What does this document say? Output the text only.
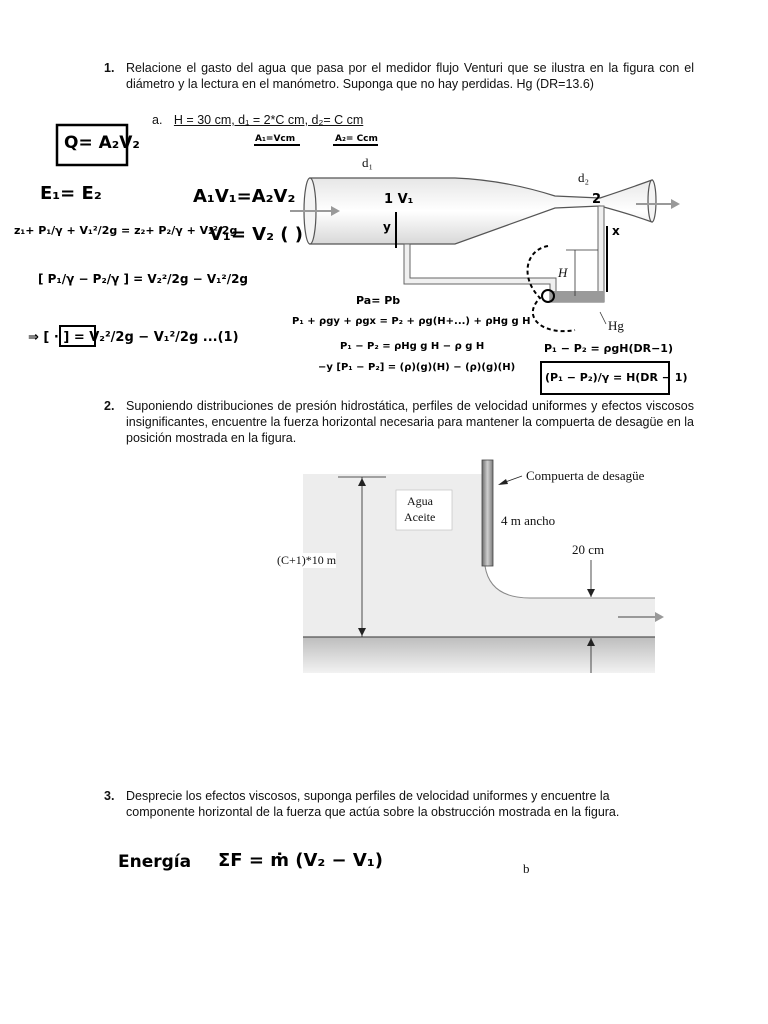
1. Relacione el gasto del agua que pasa por el medidor flujo Venturi que se ilustra en la figura con el diámetro y la lectura en el manómetro. Suponga que no hay perdidas. Hg (DR=13.6)
a. H = 30 cm, d₁ = 2*C cm, d₂= C cm
2. Suponiendo distribuciones de presión hidrostática, perfiles de velocidad uniformes y efectos viscosos insignificantes, encuentre la fuerza horizontal necesaria para mantener la compuerta de desagüe en la posición mostrada en la figura.
3. Desprecie los efectos viscosos, suponga perfiles de velocidad uniformes y encuentre la componente horizontal de la fuerza que actúa sobre la obstrucción mostrada en la figura.
d₁
d₂
H
Hg
Compuerta de desagüe
Agua
Aceite	4 m ancho
20 cm
(C+1)*10 m
b
Q= A₂V₂	A₁=Vcm	A₂= Ccm
E₁= E₂	A₁V₁=A₂V₂
V₁= V₂ ( )
z₁+ P₁/γ + V₁²/2g = z₂+ P₂/γ + V₂²/2g
[ P₁/γ − P₂/γ ] = V₂²/2g − V₁²/2g
⇒ [ · ] = V₂²/2g − V₁²/2g ...(1)
1 V₁	2
y	x
Pa= Pb
P₁ + ρgy + ρgx = P₂ + ρg(H+...) + ρHg g H
P₁ − P₂ = ρHg g H − ρ g H
−y [P₁ − P₂] = (ρ)(g)(H) − (ρ)(g)(H)
P₁ − P₂ = ρgH(DR−1)
(P₁ − P₂)/γ = H(DR − 1)
Energía ΣF = ṁ (V₂ − V₁)
